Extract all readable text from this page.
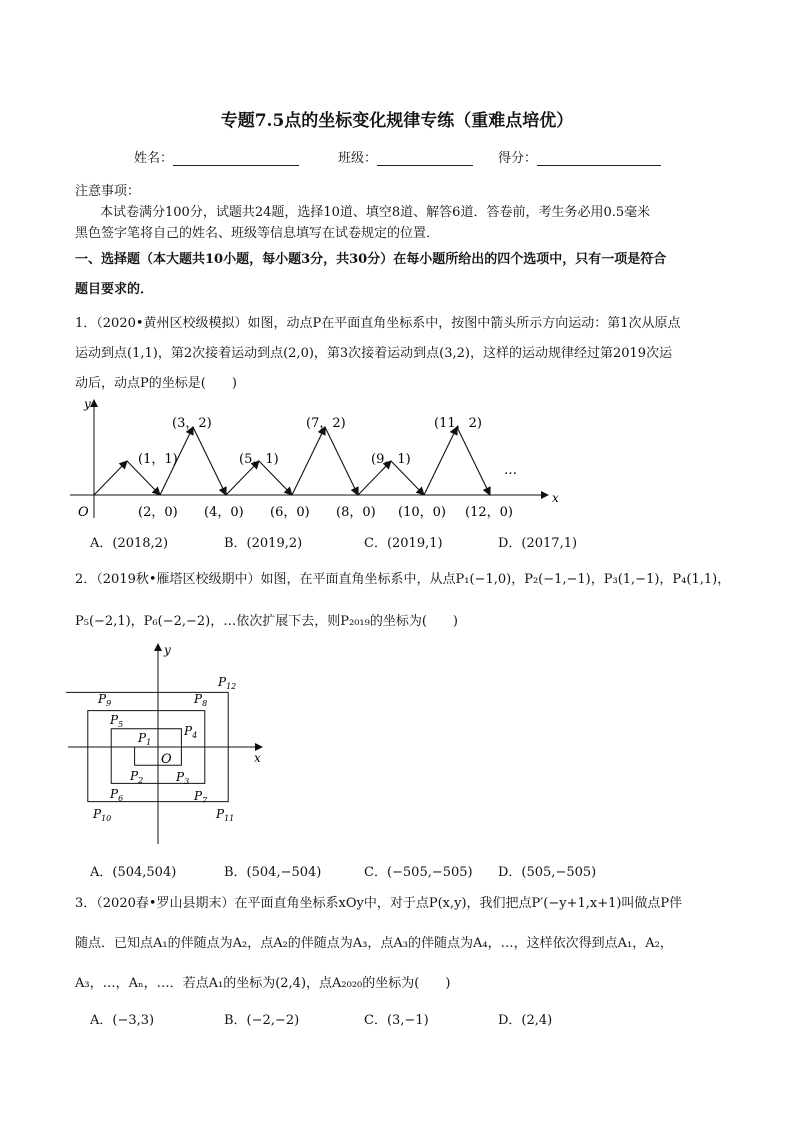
专题7.5点的坐标变化规律专练（重难点培优）
姓名：	班级：	得分：
注意事项：
本试卷满分100分，试题共24题，选择10道、填空8道、解答6道．答卷前，考生务必用0.5毫米
黑色签字笔将自己的姓名、班级等信息填写在试卷规定的位置．
一、选择题（本大题共10小题，每小题3分，共30分）在每小题所给出的四个选项中，只有一项是符合
题目要求的．
1．（2020•黄州区校级模拟）如图，动点P在平面直角坐标系中，按图中箭头所示方向运动：第1次从原点
运动到点(1,1)，第2次接着运动到点(2,0)，第3次接着运动到点(3,2)，这样的运动规律经过第2019次运
动后，动点P的坐标是(　　)
x
y
O
(1，1)
(3，2)
(5，1)
(7，2)
(9，1)
(11，2)
(2，0) (4，0) (6，0) (8，0) (10，0) (12，0)
…
A．(2018,2)	B．(2019,2)	C．(2019,1)	D．(2017,1)
2．（2019秋•雁塔区校级期中）如图，在平面直角坐标系中，从点P₁(−1,0)，P₂(−1,−1)，P₃(1,−1)，P₄(1,1)，
P₅(−2,1)，P₆(−2,−2)，…依次扩展下去，则P₂₀₁₉的坐标为(　　)
x
y
O
$P_1$
$P_2$	$P_3$
$P_4$
$P_5$
$P_6$	$P_7$
$P_8$
$P_9$
$P_{10}$	$P_{11}$
$P_{12}$
A．(504,504)	B．(504,−504)	C．(−505,−505) D．(505,−505)
3．（2020春•罗山县期末）在平面直角坐标系xOy中，对于点P(x,y)，我们把点P′(−y+1,x+1)叫做点P伴
随点．已知点A₁的伴随点为A₂，点A₂的伴随点为A₃，点A₃的伴随点为A₄，…，这样依次得到点A₁，A₂，
A₃，…，Aₙ，…．若点A₁的坐标为(2,4)，点A₂₀₂₀的坐标为(　　)
A．(−3,3)	B．(−2,−2)	C．(3,−1)	D．(2,4)
